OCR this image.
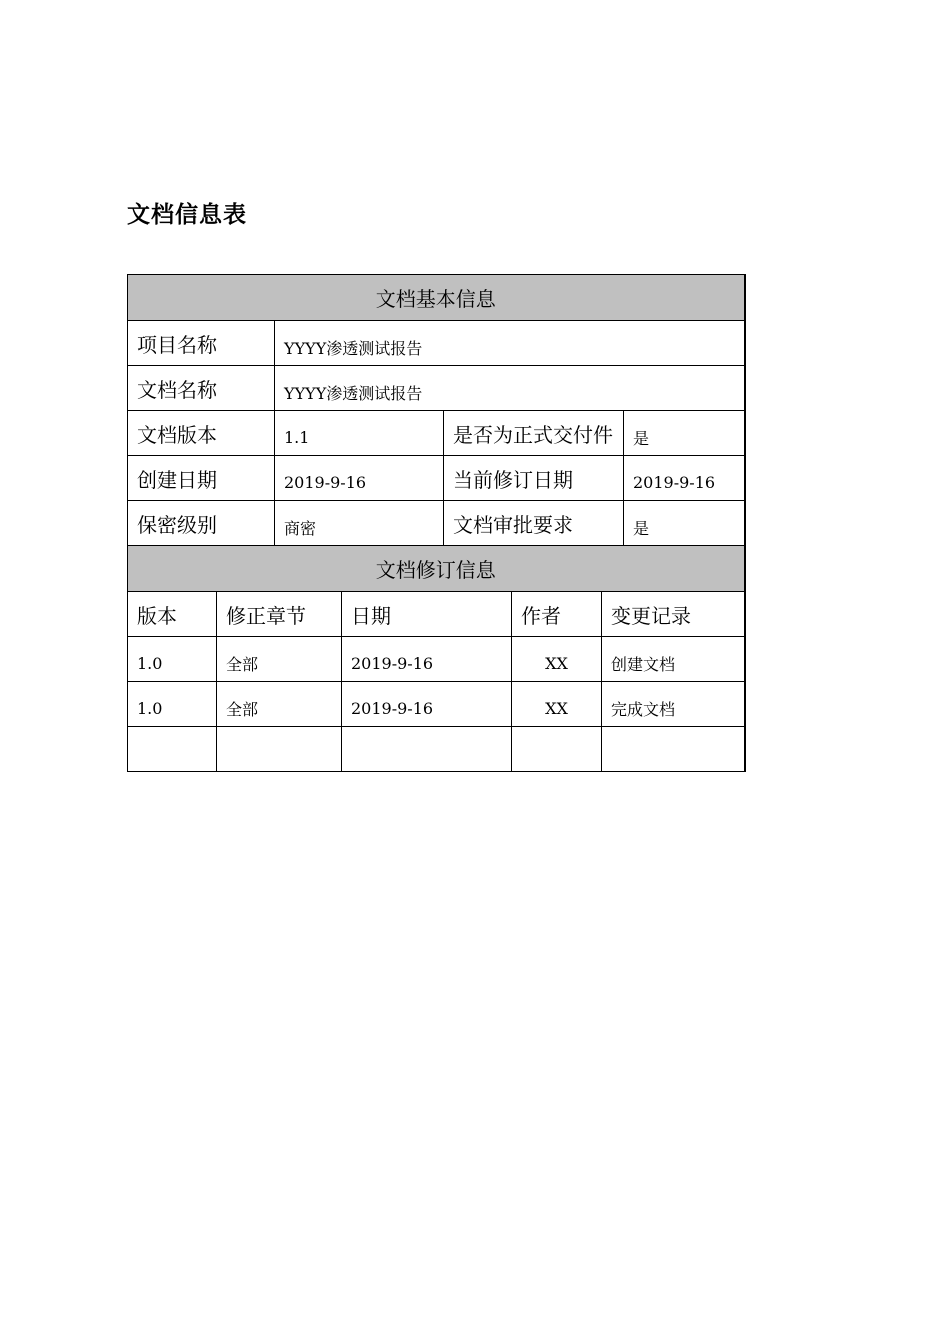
文档信息表
文档基本信息							
项目名称		YYYY渗透测试报告					
文档名称		YYYY渗透测试报告					
文档版本		1.1		是否为正式交付件			是
创建日期		2019-9-16		当前修订日期			2019-9-16
保密级别		商密		文档审批要求			是
文档修订信息							
版本	修正章节		日期		作者	变更记录	
1.0	全部		2019-9-16		XX	创建文档	
1.0	全部		2019-9-16		XX	完成文档	
